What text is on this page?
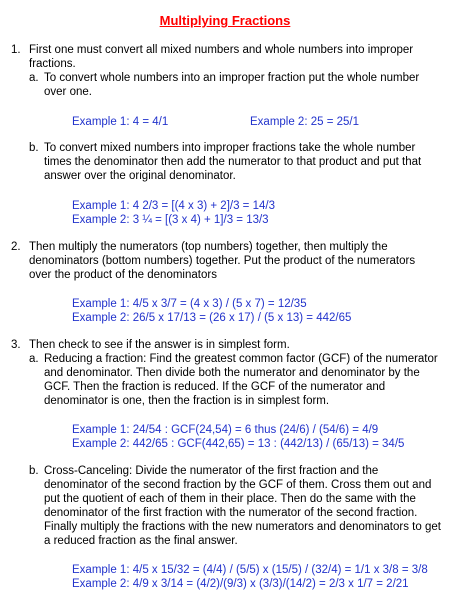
Multiplying Fractions
1. First one must convert all mixed numbers and whole numbers into improper fractions.

a. To convert whole numbers into an improper fraction put the whole number over one.

Example 1: 4 = 4/1	Example 2: 25 = 25/1
b. To convert mixed numbers into improper fractions take the whole number times the denominator then add the numerator to that product and put that answer over the original denominator.

Example 1: 4 2/3 = [(4 x 3) + 2]/3 = 14/3
Example 2: 3 ¼ = [(3 x 4) + 1]/3 = 13/3
2. Then multiply the numerators (top numbers) together, then multiply the denominators (bottom numbers) together. Put the product of the numerators over the product of the denominators

Example 1: 4/5 x 3/7 = (4 x 3) / (5 x 7) = 12/35
Example 2: 26/5 x 17/13 = (26 x 17) / (5 x 13) = 442/65
3. Then check to see if the answer is in simplest form.

a. Reducing a fraction: Find the greatest common factor (GCF) of the numerator and denominator. Then divide both the numerator and denominator by the GCF. Then the fraction is reduced. If the GCF of the numerator and denominator is one, then the fraction is in simplest form.

Example 1: 24/54 : GCF(24,54) = 6 thus (24/6) / (54/6) = 4/9
Example 2: 442/65 : GCF(442,65) = 13 : (442/13) / (65/13) = 34/5
b. Cross-Canceling: Divide the numerator of the first fraction and the denominator of the second fraction by the GCF of them. Cross them out and put the quotient of each of them in their place. Then do the same with the denominator of the first fraction with the numerator of the second fraction. Finally multiply the fractions with the new numerators and denominators to get a reduced fraction as the final answer.

Example 1: 4/5 x 15/32 = (4/4) / (5/5) x (15/5) / (32/4) = 1/1 x 3/8 = 3/8
Example 2: 4/9 x 3/14 = (4/2)/(9/3) x (3/3)/(14/2) = 2/3 x 1/7 = 2/21
